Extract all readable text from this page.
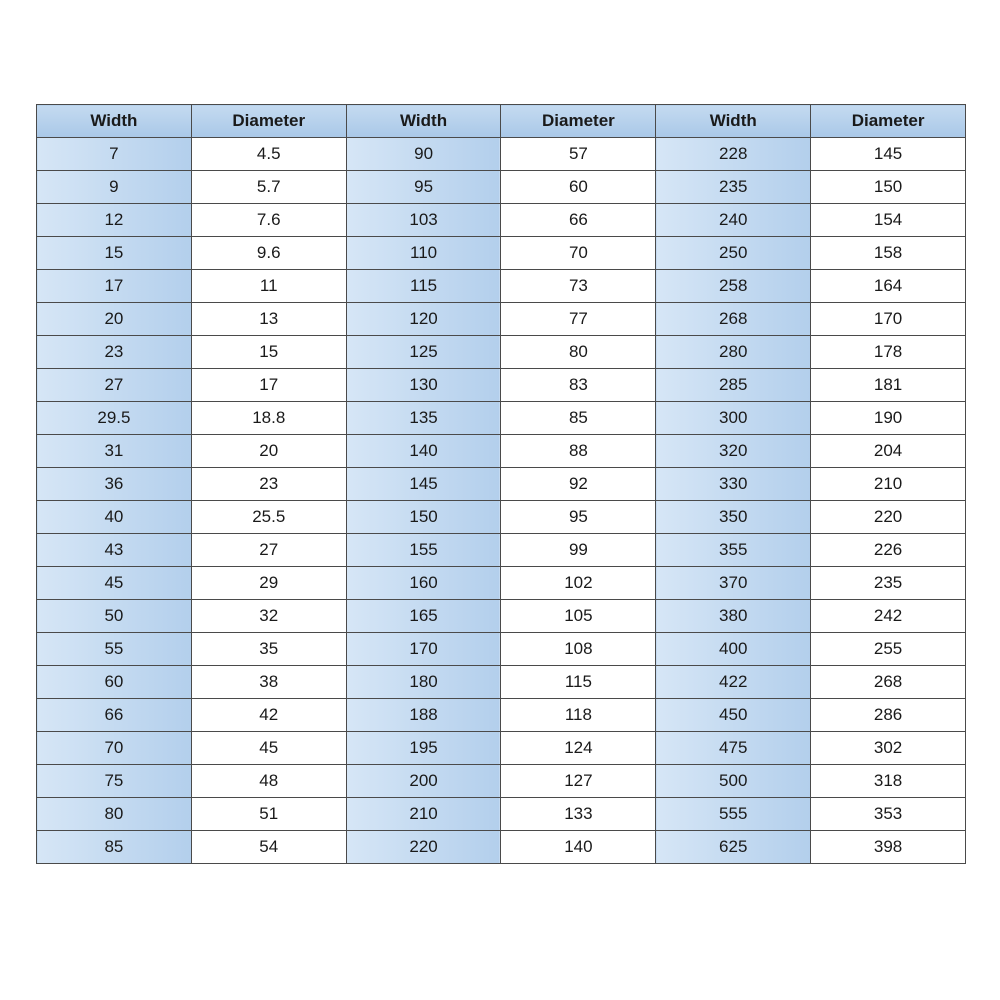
Width	Diameter	Width	Diameter	Width	Diameter
7	4.5	90	57	228	145
9	5.7	95	60	235	150
12	7.6	103	66	240	154
15	9.6	110	70	250	158
17	11	115	73	258	164
20	13	120	77	268	170
23	15	125	80	280	178
27	17	130	83	285	181
29.5	18.8	135	85	300	190
31	20	140	88	320	204
36	23	145	92	330	210
40	25.5	150	95	350	220
43	27	155	99	355	226
45	29	160	102	370	235
50	32	165	105	380	242
55	35	170	108	400	255
60	38	180	115	422	268
66	42	188	118	450	286
70	45	195	124	475	302
75	48	200	127	500	318
80	51	210	133	555	353
85	54	220	140	625	398
